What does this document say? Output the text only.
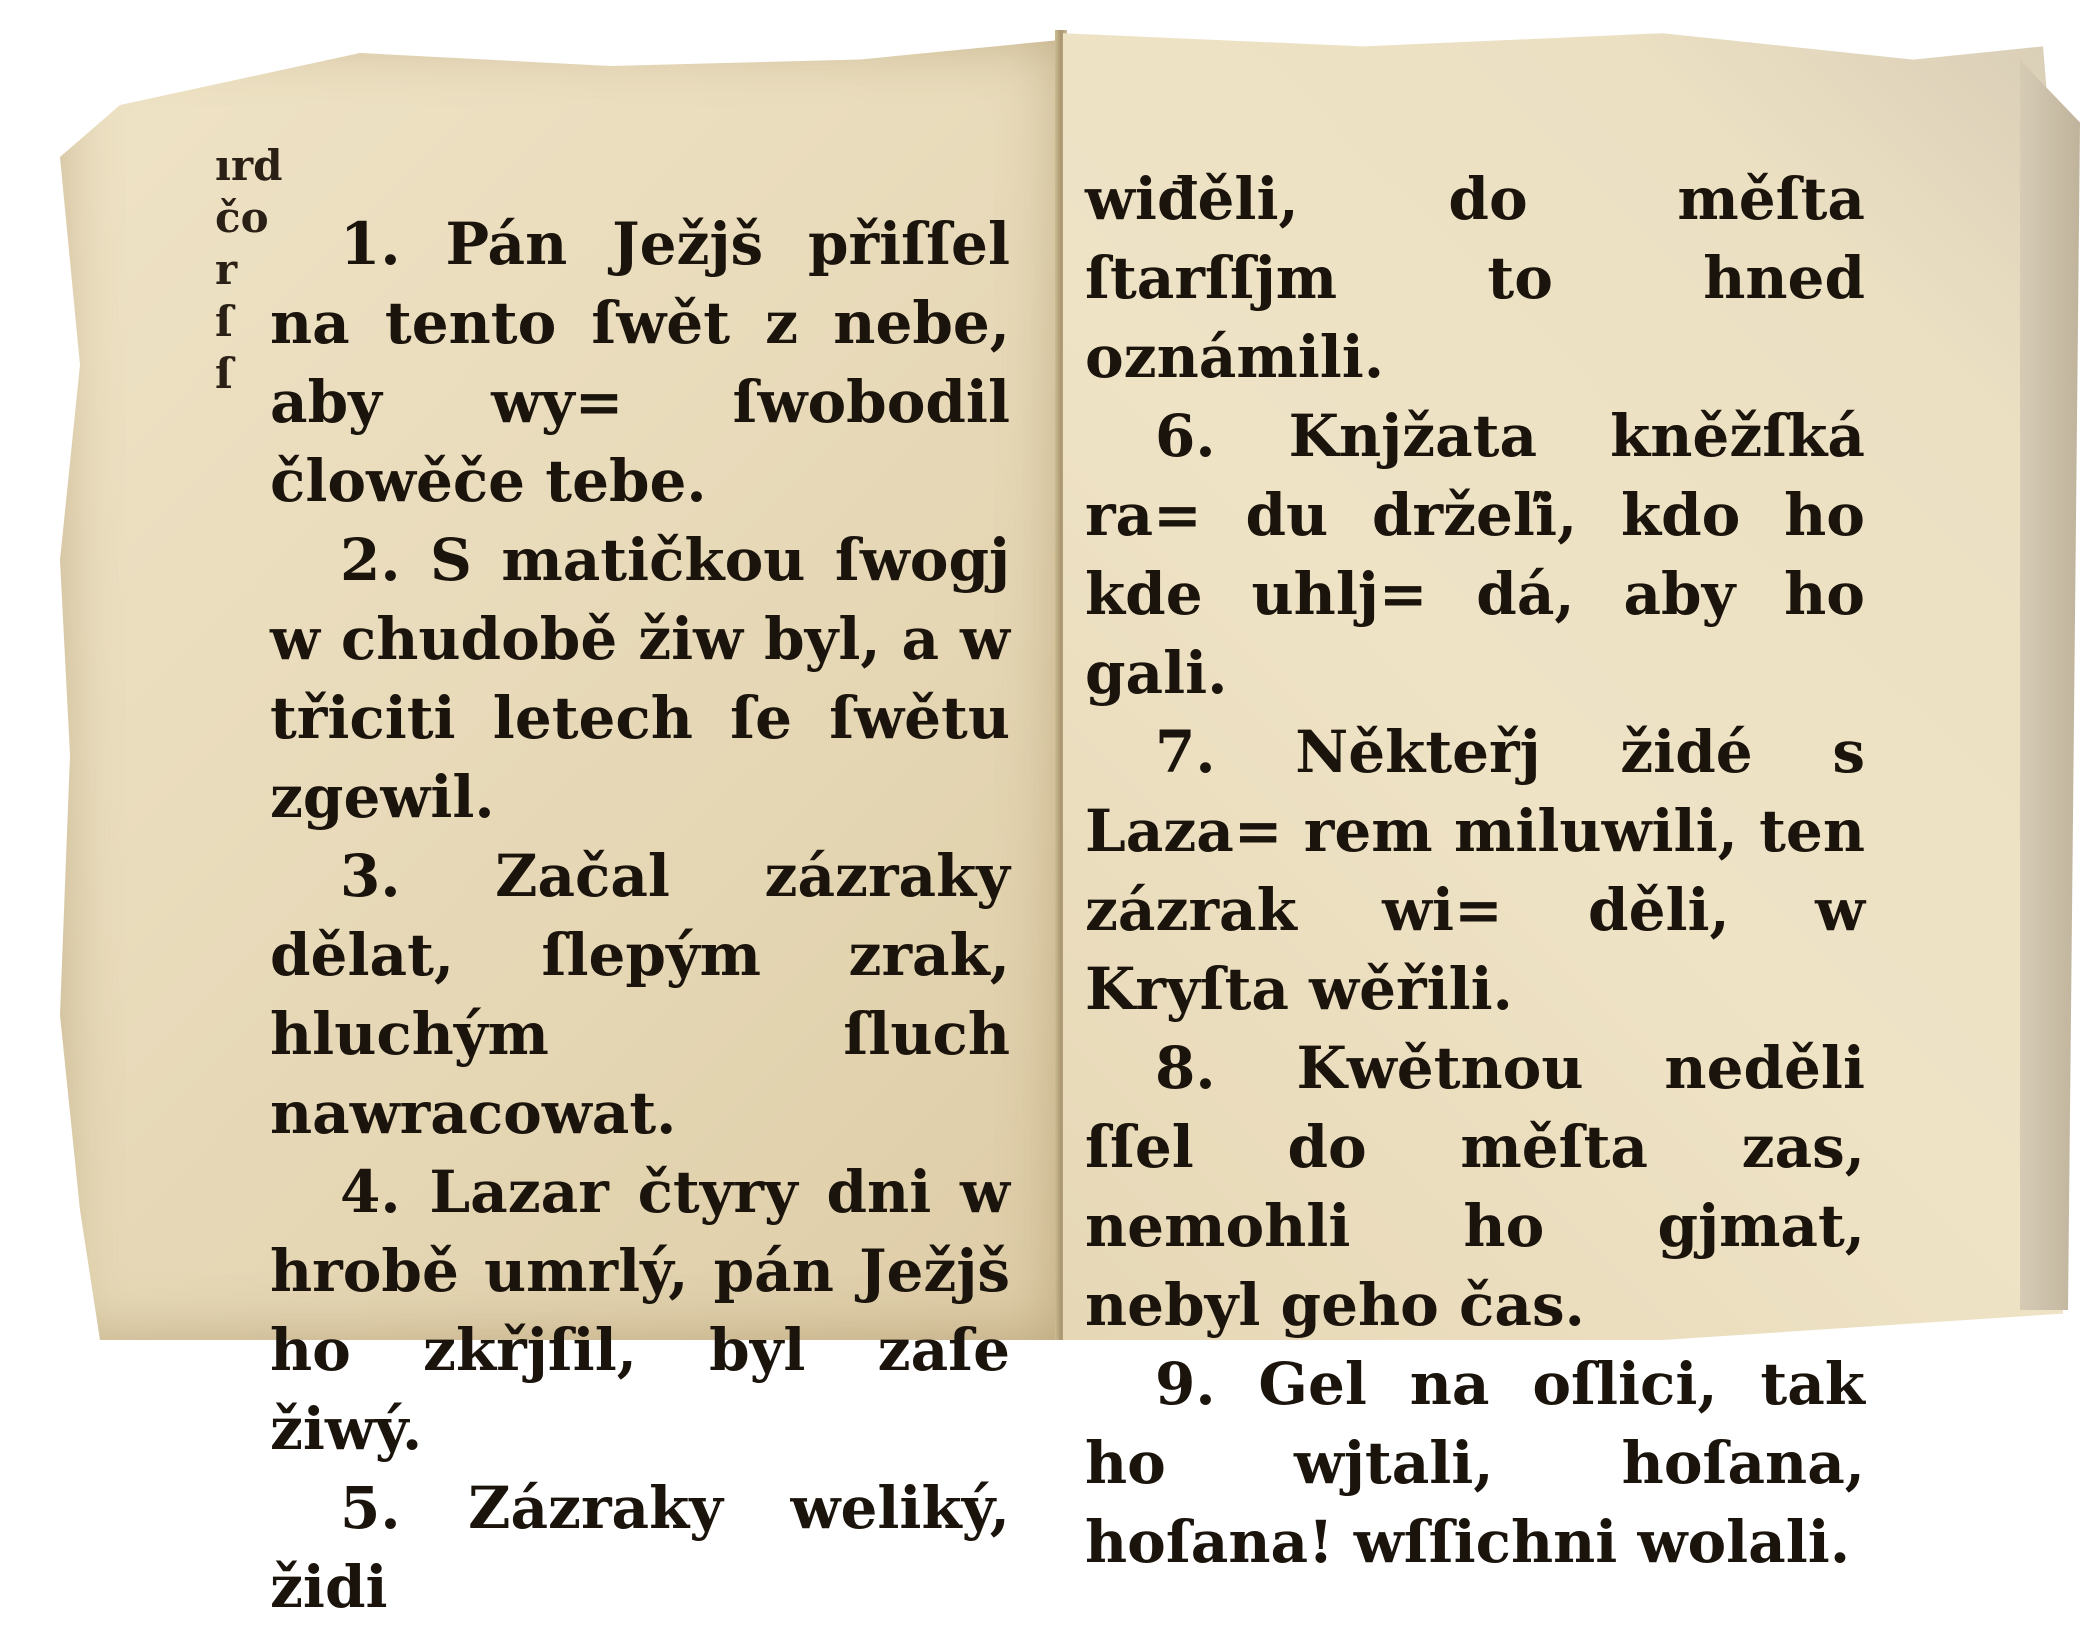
ırd
čo
r
ſ
ſ

1. Pán Ježjš přiſſel na tento ſwět z nebe, aby wy= ſwobodil člowěče tebe.

2. S matičkou ſwogj w chudobě žiw byl, a w třiciti letech ſe ſwětu zgewil.

3. Začal zázraky dělat, ſlepým zrak, hluchým ſluch nawracowat.

4. Lazar čtyry dni w hrobě umrlý, pán Ježjš ho zkřjſil, byl zaſe žiwý.

5. Zázraky weliký, židi

wiđěli, do měſta ſtarſſjm to hned oznámili.

6. Knjžata kněžſká ra= du držeľi, kdo ho kde uhlj= dá, aby ho gali.

7. Někteřj židé s Laza= rem miluwili, ten zázrak wi= děli, w Kryſta wěřili.

8. Kwětnou neděli ſſel do měſta zas, nemohli ho gjmat, nebyl geho čas.

9. Gel na oſlici, tak ho wjtali, hoſana, hoſana! wſſichni wolali.
